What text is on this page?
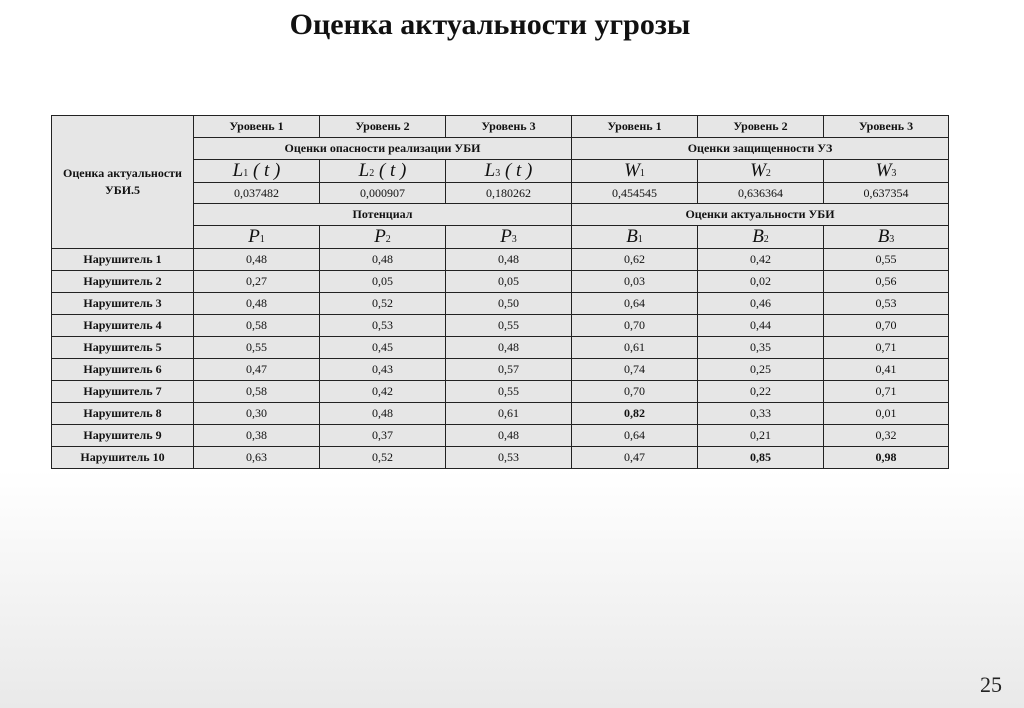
Оценка актуальности угрозы
Оценка актуальности УБИ.5	Уровень 1	Уровень 2	Уровень 3	Уровень 1	Уровень 2	Уровень 3
	Оценки опасности реализации УБИ			Оценки защищенности УЗ		
	L1 ( t )	L2 ( t )	L3 ( t )	W1	W2	W3
	0,037482	0,000907	0,180262	0,454545	0,636364	0,637354
	Потенциал			Оценки актуальности УБИ		
	P1	P2	P3	B1	B2	B3
Нарушитель 1	0,48	0,48	0,48	0,62	0,42	0,55
Нарушитель 2	0,27	0,05	0,05	0,03	0,02	0,56
Нарушитель 3	0,48	0,52	0,50	0,64	0,46	0,53
Нарушитель 4	0,58	0,53	0,55	0,70	0,44	0,70
Нарушитель 5	0,55	0,45	0,48	0,61	0,35	0,71
Нарушитель 6	0,47	0,43	0,57	0,74	0,25	0,41
Нарушитель 7	0,58	0,42	0,55	0,70	0,22	0,71
Нарушитель 8	0,30	0,48	0,61	0,82	0,33	0,01
Нарушитель 9	0,38	0,37	0,48	0,64	0,21	0,32
Нарушитель 10	0,63	0,52	0,53	0,47	0,85	0,98
25
